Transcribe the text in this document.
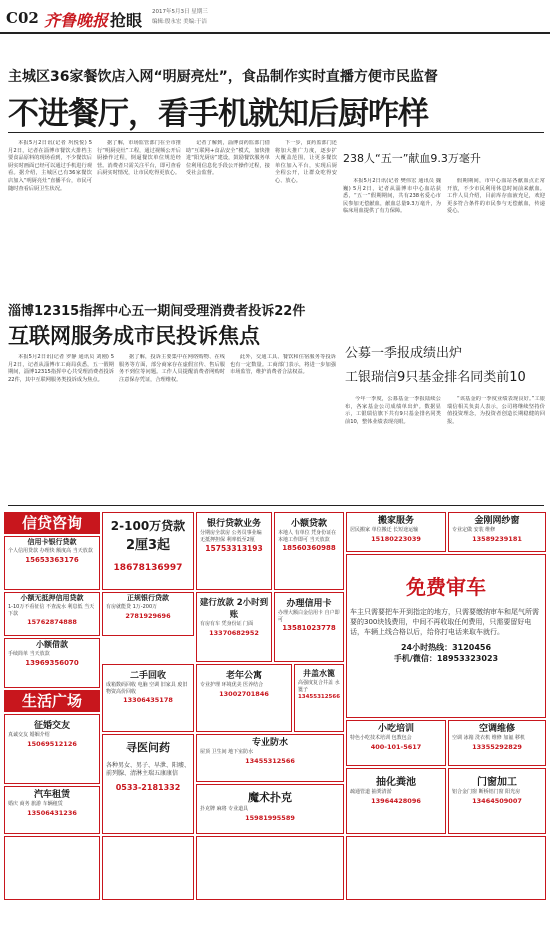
C02 齐鲁晚报 抢眼 2017年5月3日 星期三
编辑:殷永宏 美编:于洁
主城区36家餐饮店入网“明厨亮灶”，食品制作实时直播方便市民监督
不进餐厅，看手机就知后厨咋样

本报5月2日讯(记者 巩悦悦) 5月2日，记者在淄博市餐饮大排档主要食品原料的现场看到，不少餐饮后厨实时画面已经可以通过手机进行观看。据介绍，主城区已有36家餐饮店加入“明厨亮灶”直播平台，市民可随时查看后厨卫生状况。

据了解，市场监管部门在全市推行“明厨亮灶”工程，通过视频公开后厨操作过程，倒逼餐饮单位规范经营。消费者只需关注平台，即可查看后厨实时情况，让市民吃得更放心。

记者了解到，淄博食药监部门借助“互联网+食品安全”模式，加快推进“阳光厨房”建设，鼓励餐饮服务单位利用信息化手段公开操作过程，接受社会监督。

下一步，食药监部门还将加大推广力度，逐步扩大覆盖范围，让更多餐饮单位加入平台，实现后厨全程公开，让群众吃得安心、放心。

238人“五一”献血9.3万毫升

本报5月2日讯(记者 樊伟宏 通讯员 魏巍) 5月2日，记者从淄博市中心血站获悉，“五一”假期期间，共有238名爱心市民参加无偿献血，献血总量9.3万毫升，为临床用血提供了有力保障。

假期期间，市中心血站各献血点正常开放，不少市民利用休息时间前来献血。工作人员介绍，目前库存血液充足，欢迎更多符合条件的市民参与无偿献血，传递爱心。

淄博12315指挥中心五一期间受理消费者投诉22件
互联网服务成市民投诉焦点

本报5月2日讯(记者 罗静 通讯员 刘刚) 5月2日，记者从淄博市工商局获悉，五一假期期间，淄博12315指挥中心共受理消费者投诉22件，其中互联网服务类投诉成为焦点。

据了解，投诉主要集中在网络购物、在线服务等方面，部分商家存在虚假宣传、售后服务不到位等问题。工作人员提醒消费者网购时注意保存凭证，合理维权。

此外，交通工具、餐饮和住宿服务等投诉也有一定数量。工商部门表示，将进一步加强市场监管，维护消费者合法权益。

公募一季报成绩出炉
工银瑞信9只基金排名同类前10

今年一季度，公募基金一季报陆续公布，各家基金公司成绩单出炉。数据显示，工银瑞信旗下共有9只基金排名同类前10，整体业绩表现亮眼。

“该基金的一季度业绩表现良好。”工银瑞信相关负责人表示，公司将继续坚持价值投资理念，为投资者创造长期稳健的回报。

信贷咨询
信用卡银行贷款
个人信用贷款 办理快 额度高 当天放款
15653363176
2-100万贷款
2厘3起
18678136997
银行贷款业务
分期房全款房 公务员事业编 无抵押担保 利率低至2厘
15753313193
小额贷款
本地人 有单位 凭身份证在本地工作即可 当天放款
18560360988
搬家服务
居民搬家 单位搬迁 长短途运输
15180223039
金刚网纱窗
专业定做 安装 维修
13589239181
免费审车
车主只需要把车开到指定的地方，只需要缴纳审车和尾气所需要的300块钱费用，中间不再收取任何费用，只需要留好电话，车辆上线合格以后，给你打电话来取车就行。
24小时热线：3120456
手机/微信：18953323023
小额无抵押信用贷款
1-10万不看征信 不查流水 利息低 当天下款
15762874888
正规银行贷款
有房就能贷 1万-200万
2781929696
建行放款 2小时到账
有房有车 凭身份证 门面
13370682952
办理信用卡
办理大额白金信用卡 自户即可
13581023778
小额借款
手续简单 当天放款
13969356070
生活广场
二手回收
成箱数码回收 电脑 空调 旧家具 废旧物资高价回收
13306435178
老年公寓
专业护理 环境优美 医养结合
13002701846
井盖水篦
高强度复合井盖 水篦子
13455312566
征婚交友
真诚交友 婚姻介绍
15069512126
小吃培训
特色小吃技术培训 包教包会
400-101-5617
空调维修
空调 冰箱 洗衣机 维修 加氟 移机
13355292829
寻医问药
各种男女、男子、早泄、阳痿、前列腺、清淋主瑞五康康信
0533-2181332
专业防水
屋顶 卫生间 地下室防水
13455312566
魔术扑克
扑克牌 麻将 专业道具
15981995589
抽化粪池
疏通管道 抽粪清淤
13964428096
门窗加工
铝合金门窗 断桥铝门窗 阳光房
13464509007
汽车租赁
婚庆 商务 旅游 车辆租赁
13506431236
